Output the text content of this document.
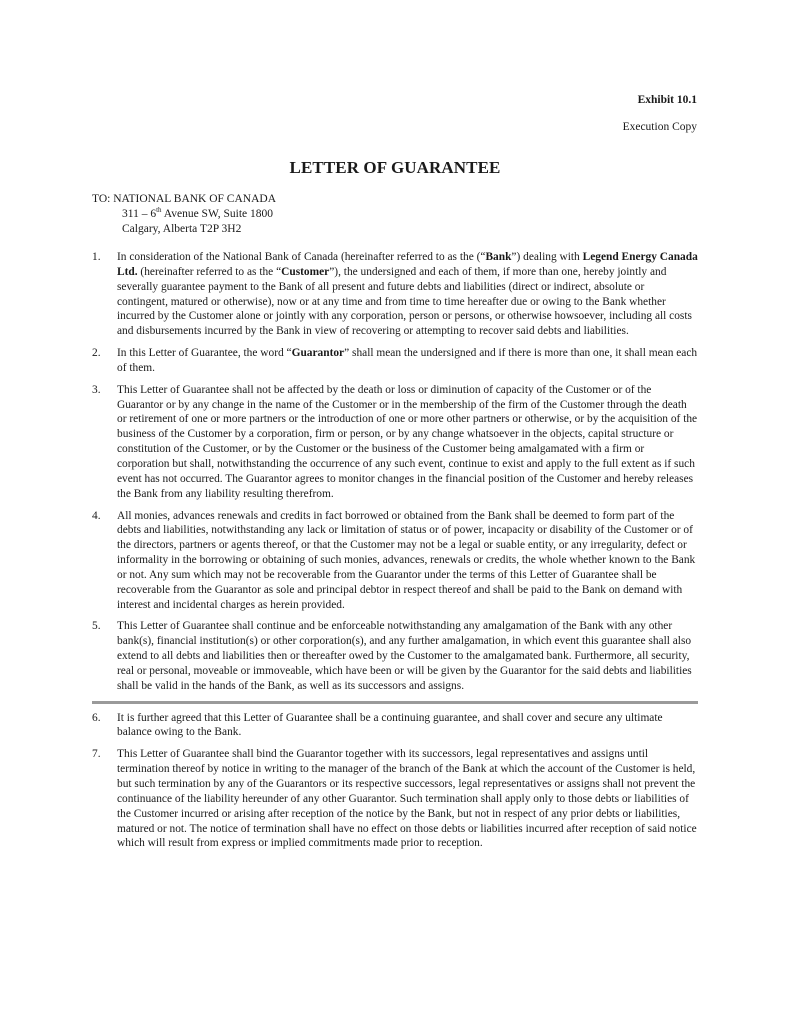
Exhibit 10.1
Execution Copy
LETTER OF GUARANTEE
TO: NATIONAL BANK OF CANADA
311 – 6th Avenue SW, Suite 1800
Calgary, Alberta T2P 3H2
1.	In consideration of the National Bank of Canada (hereinafter referred to as the (“Bank”) dealing with Legend Energy Canada Ltd. (hereinafter referred to as the “Customer”), the undersigned and each of them, if more than one, hereby jointly and severally guarantee payment to the Bank of all present and future debts and liabilities (direct or indirect, absolute or contingent, matured or otherwise), now or at any time and from time to time hereafter due or owing to the Bank whether incurred by the Customer alone or jointly with any corporation, person or persons, or otherwise howsoever, including all costs and disbursements incurred by the Bank in view of recovering or attempting to recover said debts and liabilities.
2.	In this Letter of Guarantee, the word “Guarantor” shall mean the undersigned and if there is more than one, it shall mean each of them.
3.	This Letter of Guarantee shall not be affected by the death or loss or diminution of capacity of the Customer or of the Guarantor or by any change in the name of the Customer or in the membership of the firm of the Customer through the death or retirement of one or more partners or the introduction of one or more other partners or otherwise, or by the acquisition of the business of the Customer by a corporation, firm or person, or by any change whatsoever in the objects, capital structure or constitution of the Customer, or by the Customer or the business of the Customer being amalgamated with a firm or corporation but shall, notwithstanding the occurrence of any such event, continue to exist and apply to the full extent as if such event has not occurred. The Guarantor agrees to monitor changes in the financial position of the Customer and hereby releases the Bank from any liability resulting therefrom.
4.	All monies, advances renewals and credits in fact borrowed or obtained from the Bank shall be deemed to form part of the debts and liabilities, notwithstanding any lack or limitation of status or of power, incapacity or disability of the Customer or of the directors, partners or agents thereof, or that the Customer may not be a legal or suable entity, or any irregularity, defect or informality in the borrowing or obtaining of such monies, advances, renewals or credits, the whole whether known to the Bank or not. Any sum which may not be recoverable from the Guarantor under the terms of this Letter of Guarantee shall be recoverable from the Guarantor as sole and principal debtor in respect thereof and shall be paid to the Bank on demand with interest and incidental charges as herein provided.
5.	This Letter of Guarantee shall continue and be enforceable notwithstanding any amalgamation of the Bank with any other bank(s), financial institution(s) or other corporation(s), and any further amalgamation, in which event this guarantee shall also extend to all debts and liabilities then or thereafter owed by the Customer to the amalgamated bank. Furthermore, all security, real or personal, moveable or immoveable, which have been or will be given by the Guarantor for the said debts and liabilities shall be valid in the hands of the Bank, as well as its successors and assigns.
6.	It is further agreed that this Letter of Guarantee shall be a continuing guarantee, and shall cover and secure any ultimate balance owing to the Bank.
7.	This Letter of Guarantee shall bind the Guarantor together with its successors, legal representatives and assigns until termination thereof by notice in writing to the manager of the branch of the Bank at which the account of the Customer is held, but such termination by any of the Guarantors or its respective successors, legal representatives or assigns shall not prevent the continuance of the liability hereunder of any other Guarantor. Such termination shall apply only to those debts or liabilities of the Customer incurred or arising after reception of the notice by the Bank, but not in respect of any prior debts or liabilities, matured or not. The notice of termination shall have no effect on those debts or liabilities incurred after reception of said notice which will result from express or implied commitments made prior to reception.
